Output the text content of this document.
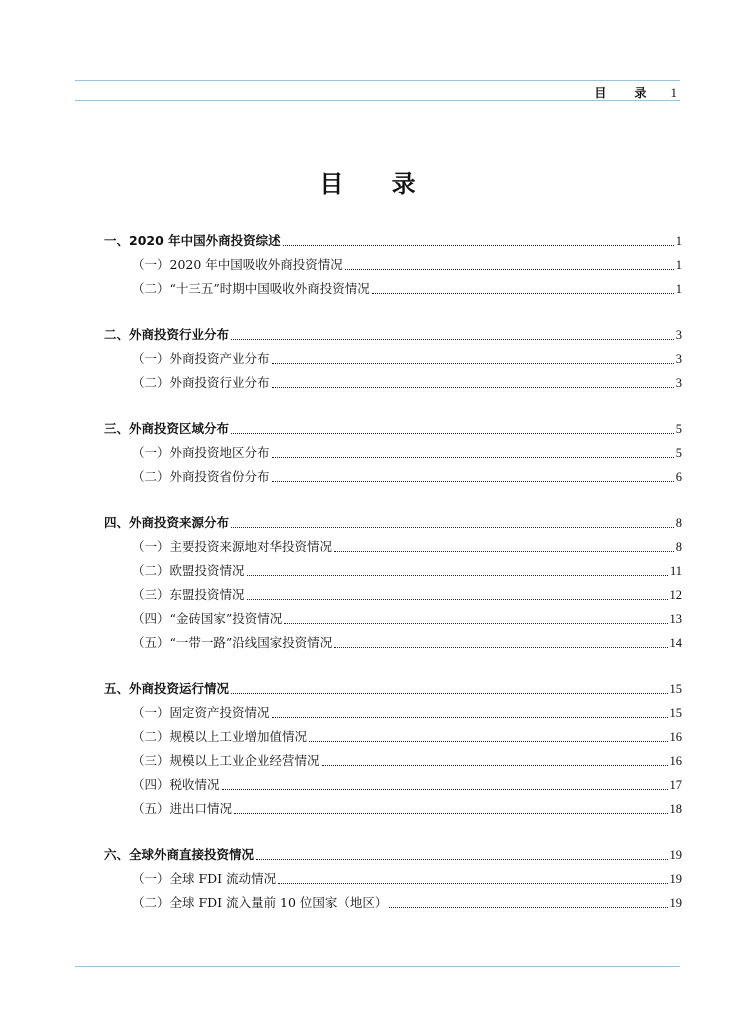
目 录 1
目 录
一、2020 年中国外商投资综述	1
（一）2020 年中国吸收外商投资情况	1
（二）“十三五”时期中国吸收外商投资情况	1
二、外商投资行业分布	3
（一）外商投资产业分布	3
（二）外商投资行业分布	3
三、外商投资区域分布	5
（一）外商投资地区分布	5
（二）外商投资省份分布	6
四、外商投资来源分布	8
（一）主要投资来源地对华投资情况	8
（二）欧盟投资情况	11
（三）东盟投资情况	12
（四）“金砖国家”投资情况	13
（五）“一带一路”沿线国家投资情况	14
五、外商投资运行情况	15
（一）固定资产投资情况	15
（二）规模以上工业增加值情况	16
（三）规模以上工业企业经营情况	16
（四）税收情况	17
（五）进出口情况	18
六、全球外商直接投资情况	19
（一）全球 FDI 流动情况	19
（二）全球 FDI 流入量前 10 位国家（地区）	19
